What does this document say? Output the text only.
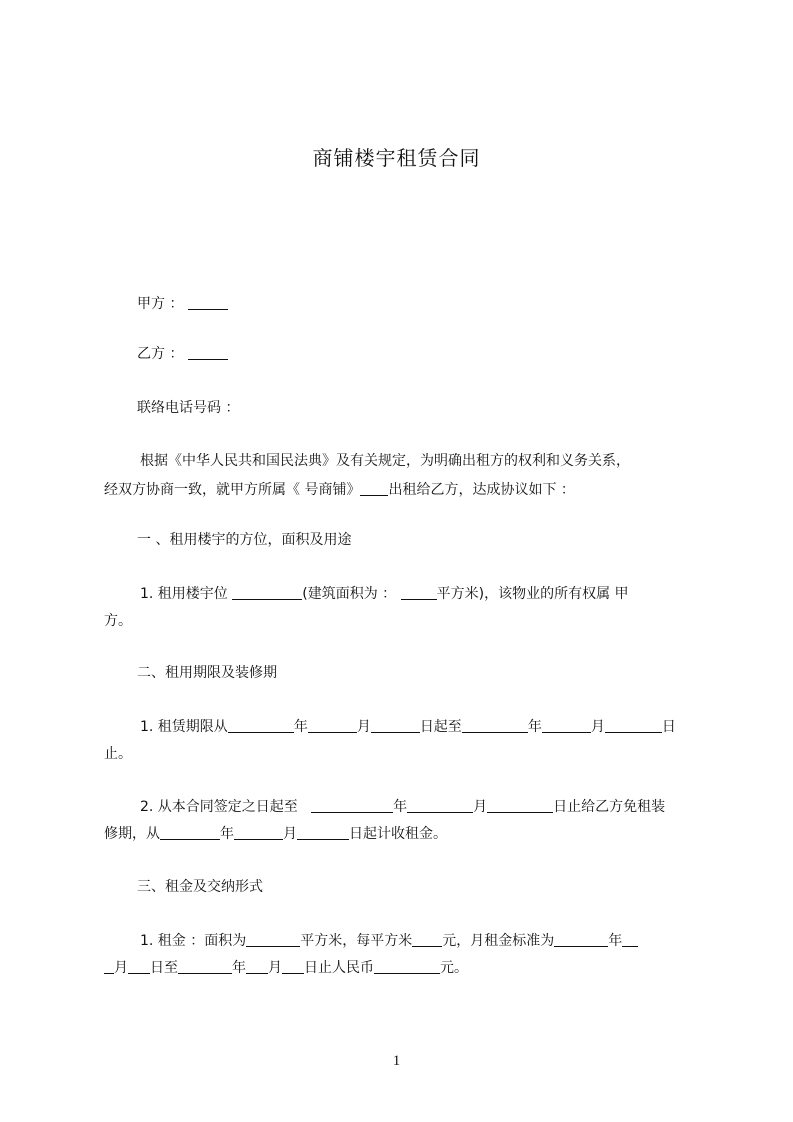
商铺楼宇租赁合同
甲方 ：
乙方 ：
联络电话号码 ：
根据《中华人民共和国民法典》及有关规定，为明确出租方的权利和义务关系，
经双方协商一致，就甲方所属《 号商铺》 出租给乙方，达成协议如下 ：
一 、租用楼宇的方位，面积及用途
1. 租用楼宇位	(建筑面积为 ：	平方米)，该物业的所有权属 甲
方。
二、租用期限及装修期
1. 租赁期限从	年	月	日起至	年	月	日
止。
2. 从本合同签定之日起至	年	月	日止给乙方免租装
修期，从	年	月	日起计收租金。
三、租金及交纳形式
1. 租金 ：面积为	平方米，每平方米 元，月租金标准为	年
月 日至	年 月 日止人民币	元。
1
